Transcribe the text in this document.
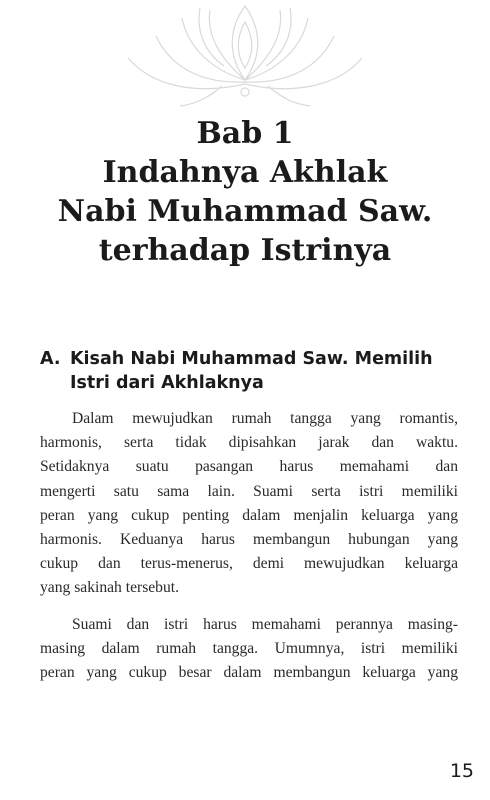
Bab 1
Indahnya Akhlak
Nabi Muhammad Saw.
terhadap Istrinya
A. Kisah Nabi Muhammad Saw. Memilih
Istri dari Akhlaknya

Dalam mewujudkan rumah tangga yang romantis,
harmonis, serta tidak dipisahkan jarak dan waktu.
Setidaknya suatu pasangan harus memahami dan
mengerti satu sama lain. Suami serta istri memiliki
peran yang cukup penting dalam menjalin keluarga yang
harmonis. Keduanya harus membangun hubungan yang
cukup dan terus-menerus, demi mewujudkan keluarga
yang sakinah tersebut.

Suami dan istri harus memahami perannya masing-
masing dalam rumah tangga. Umumnya, istri memiliki
peran yang cukup besar dalam membangun keluarga yang

15
